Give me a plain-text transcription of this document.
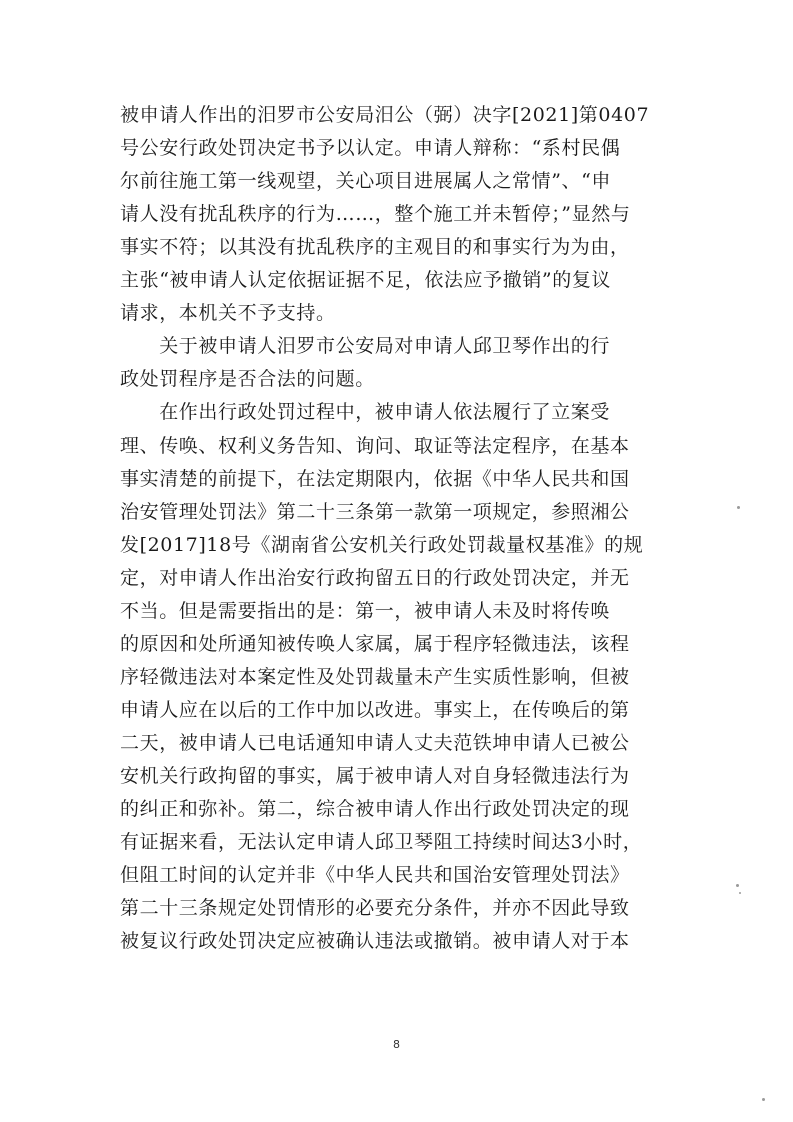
被申请人作出的汨罗市公安局汨公（弼）决字[2021]第0407
号公安行政处罚决定书予以认定。申请人辩称：“系村民偶
尔前往施工第一线观望，关心项目进展属人之常情”、“申
请人没有扰乱秩序的行为……，整个施工并未暂停；”显然与
事实不符；以其没有扰乱秩序的主观目的和事实行为为由，
主张“被申请人认定依据证据不足，依法应予撤销”的复议
请求，本机关不予支持。
　　关于被申请人汨罗市公安局对申请人邱卫琴作出的行
政处罚程序是否合法的问题。
　　在作出行政处罚过程中，被申请人依法履行了立案受
理、传唤、权利义务告知、询问、取证等法定程序，在基本
事实清楚的前提下，在法定期限内，依据《中华人民共和国
治安管理处罚法》第二十三条第一款第一项规定，参照湘公
发[2017]18号《湖南省公安机关行政处罚裁量权基准》的规
定，对申请人作出治安行政拘留五日的行政处罚决定，并无
不当。但是需要指出的是：第一，被申请人未及时将传唤
的原因和处所通知被传唤人家属，属于程序轻微违法，该程
序轻微违法对本案定性及处罚裁量未产生实质性影响，但被
申请人应在以后的工作中加以改进。事实上，在传唤后的第
二天，被申请人已电话通知申请人丈夫范铁坤申请人已被公
安机关行政拘留的事实，属于被申请人对自身轻微违法行为
的纠正和弥补。第二，综合被申请人作出行政处罚决定的现
有证据来看，无法认定申请人邱卫琴阻工持续时间达3小时，
但阻工时间的认定并非《中华人民共和国治安管理处罚法》
第二十三条规定处罚情形的必要充分条件，并亦不因此导致
被复议行政处罚决定应被确认违法或撤销。被申请人对于本
8
